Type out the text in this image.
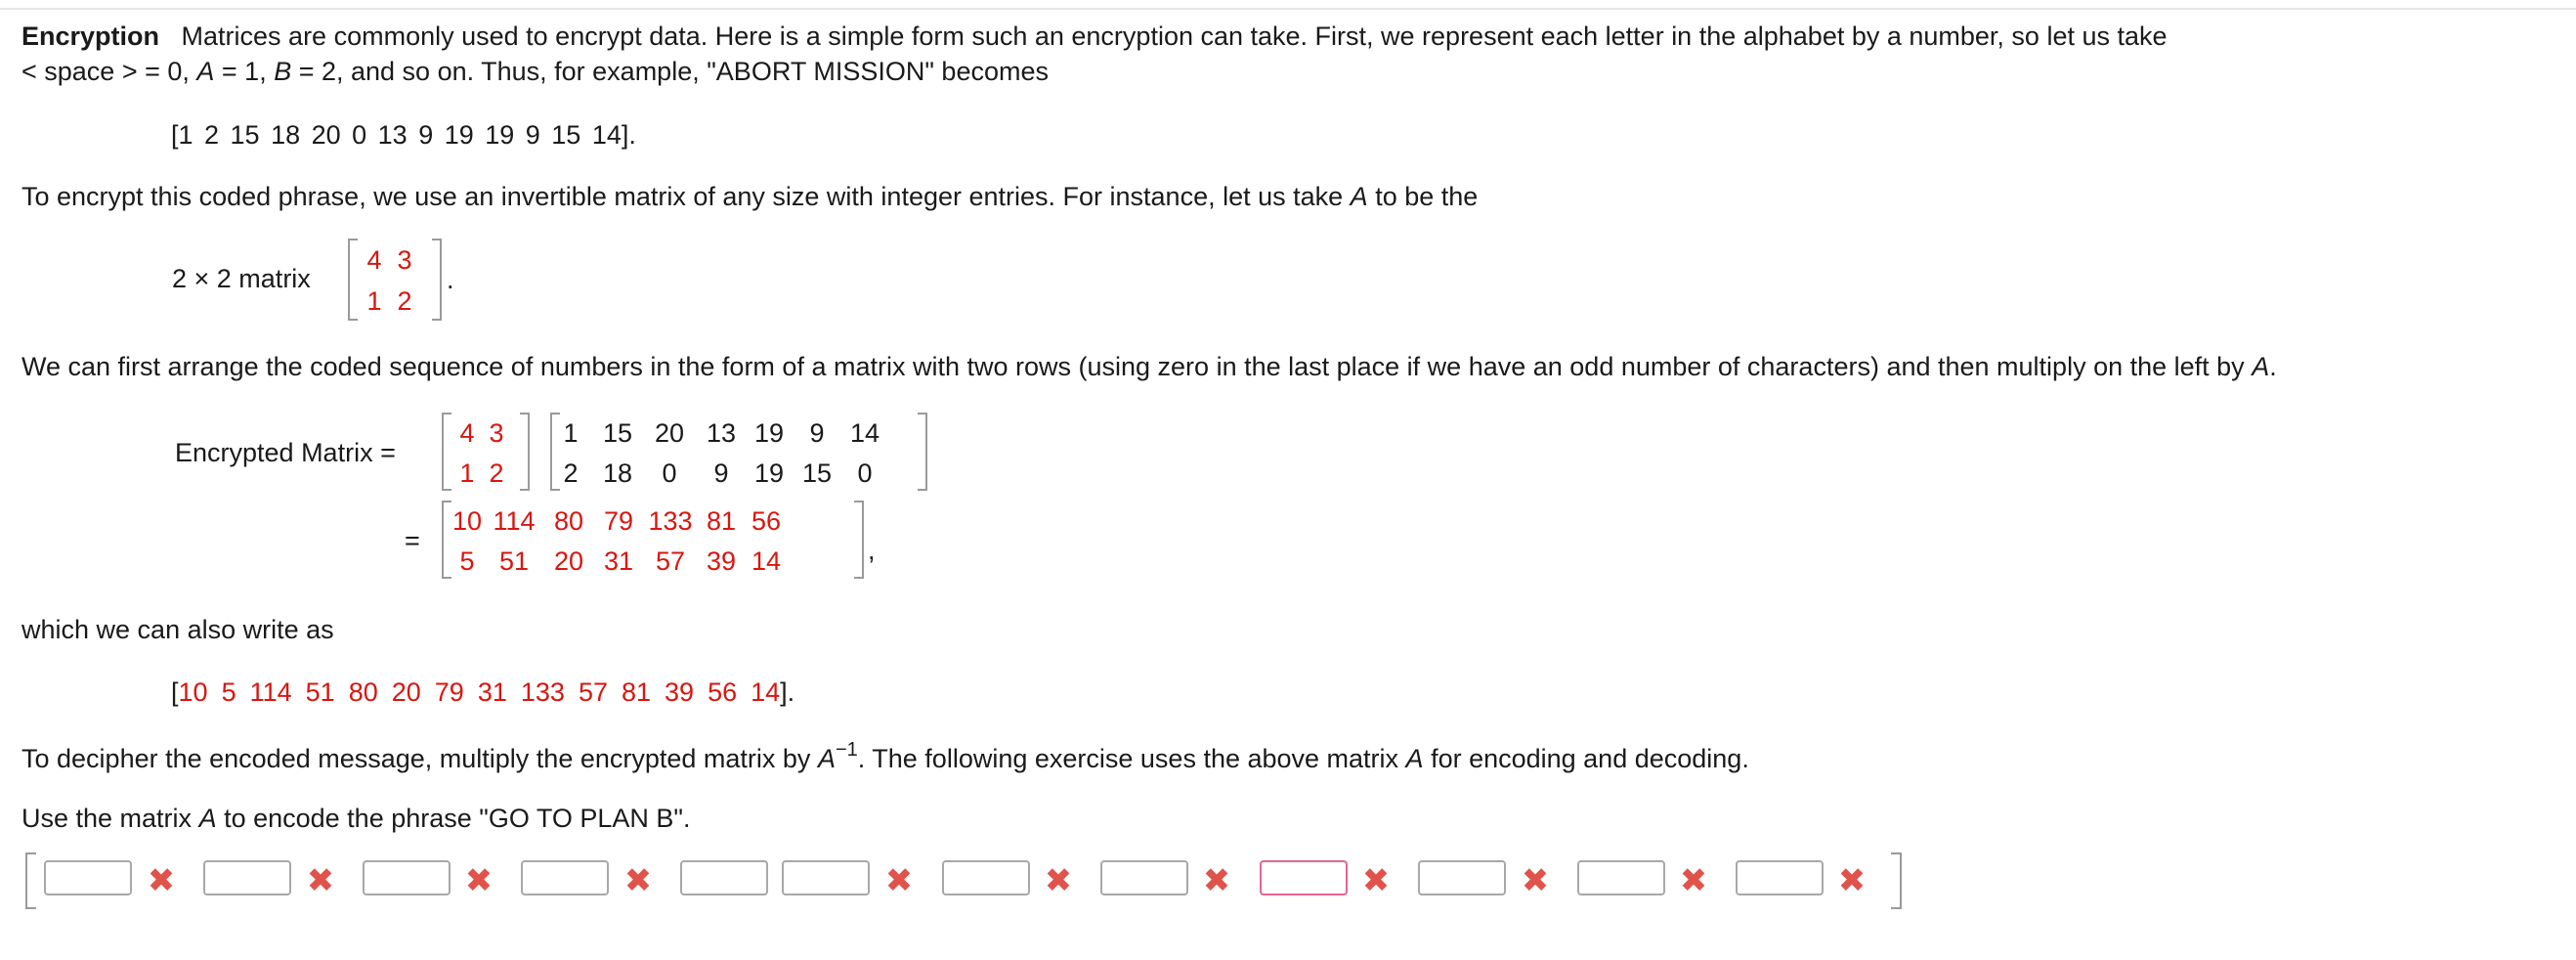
Encryption Matrices are commonly used to encrypt data. Here is a simple form such an encryption can take. First, we represent each letter in the alphabet by a number, so let us take
< space > = 0, A = 1, B = 2, and so on. Thus, for example, "ABORT MISSION" becomes
[1 2 15 18 20 0 13 9 19 19 9 15 14].
To encrypt this coded phrase, we use an invertible matrix of any size with integer entries. For instance, let us take A to be the
2 × 2 matrix
4 3
1 2
.
We can first arrange the coded sequence of numbers in the form of a matrix with two rows (using zero in the last place if we have an odd number of characters) and then multiply on the left by A.
Encrypted Matrix =
4 3
1 2
1 15 20 13 19 9 14
2 18	0	9 19 15 0
=
10 114 80 79 133 81 56
5 51 20 31 57 39 14	,
which we can also write as
[10 5 114 51 80 20 79 31 133 57 81 39 56 14].
To decipher the encoded message, multiply the encrypted matrix by $A^{-1}$. The following exercise uses the above matrix A for encoding and decoding.
Use the matrix A to encode the phrase "GO TO PLAN B".
✖	✖	✖	✖	✖	✖	✖	✖	✖	✖	✖
